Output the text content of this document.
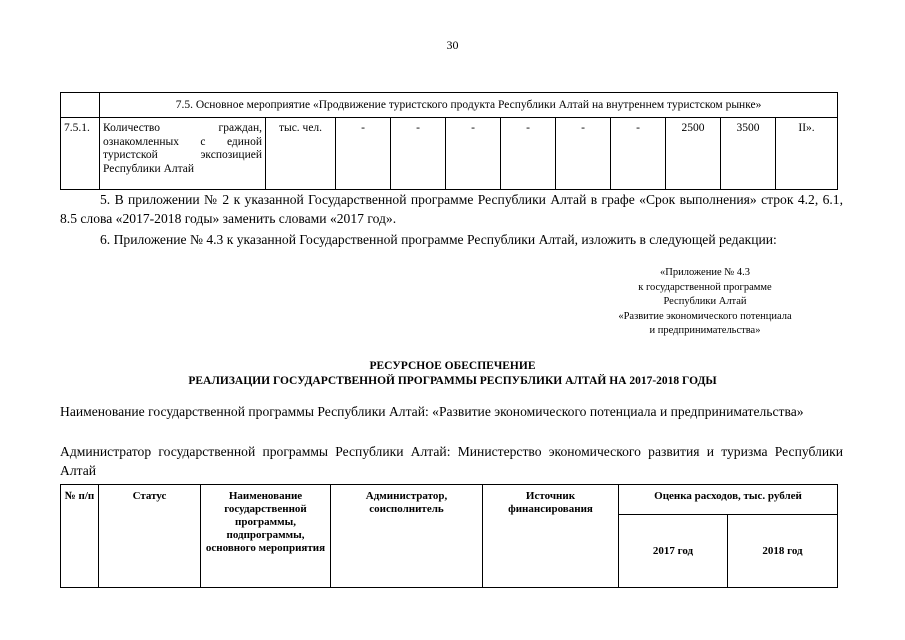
30
	7.5. Основное мероприятие «Продвижение туристского продукта Республики Алтай на внутреннем туристском рынке»										
7.5.1.	Количество граждан, ознакомленных с единой туристской экспозицией Республики Алтай	тыс. чел.	-	-	-	-	-	-	2500	3500	II».
5. В приложении № 2 к указанной Государственной программе Республики Алтай в графе «Срок выполнения» строк 4.2, 6.1, 8.5 слова «2017-2018 годы» заменить словами «2017 год».
6. Приложение № 4.3 к указанной Государственной программе Республики Алтай, изложить в следующей редакции:
«Приложение № 4.3
к государственной программе
Республики Алтай
«Развитие экономического потенциала
и предпринимательства»
РЕСУРСНОЕ ОБЕСПЕЧЕНИЕ
РЕАЛИЗАЦИИ ГОСУДАРСТВЕННОЙ ПРОГРАММЫ РЕСПУБЛИКИ АЛТАЙ НА 2017-2018 ГОДЫ
Наименование государственной программы Республики Алтай: «Развитие экономического потенциала и предпринимательства»
Администратор государственной программы Республики Алтай: Министерство экономического развития и туризма Республики Алтай
№ п/п	Статус	Наименование государственной программы, подпрограммы, основного мероприятия	Администратор, соисполнитель	Источник финансирования	Оценка расходов, тыс. рублей	
					2017 год	2018 год
